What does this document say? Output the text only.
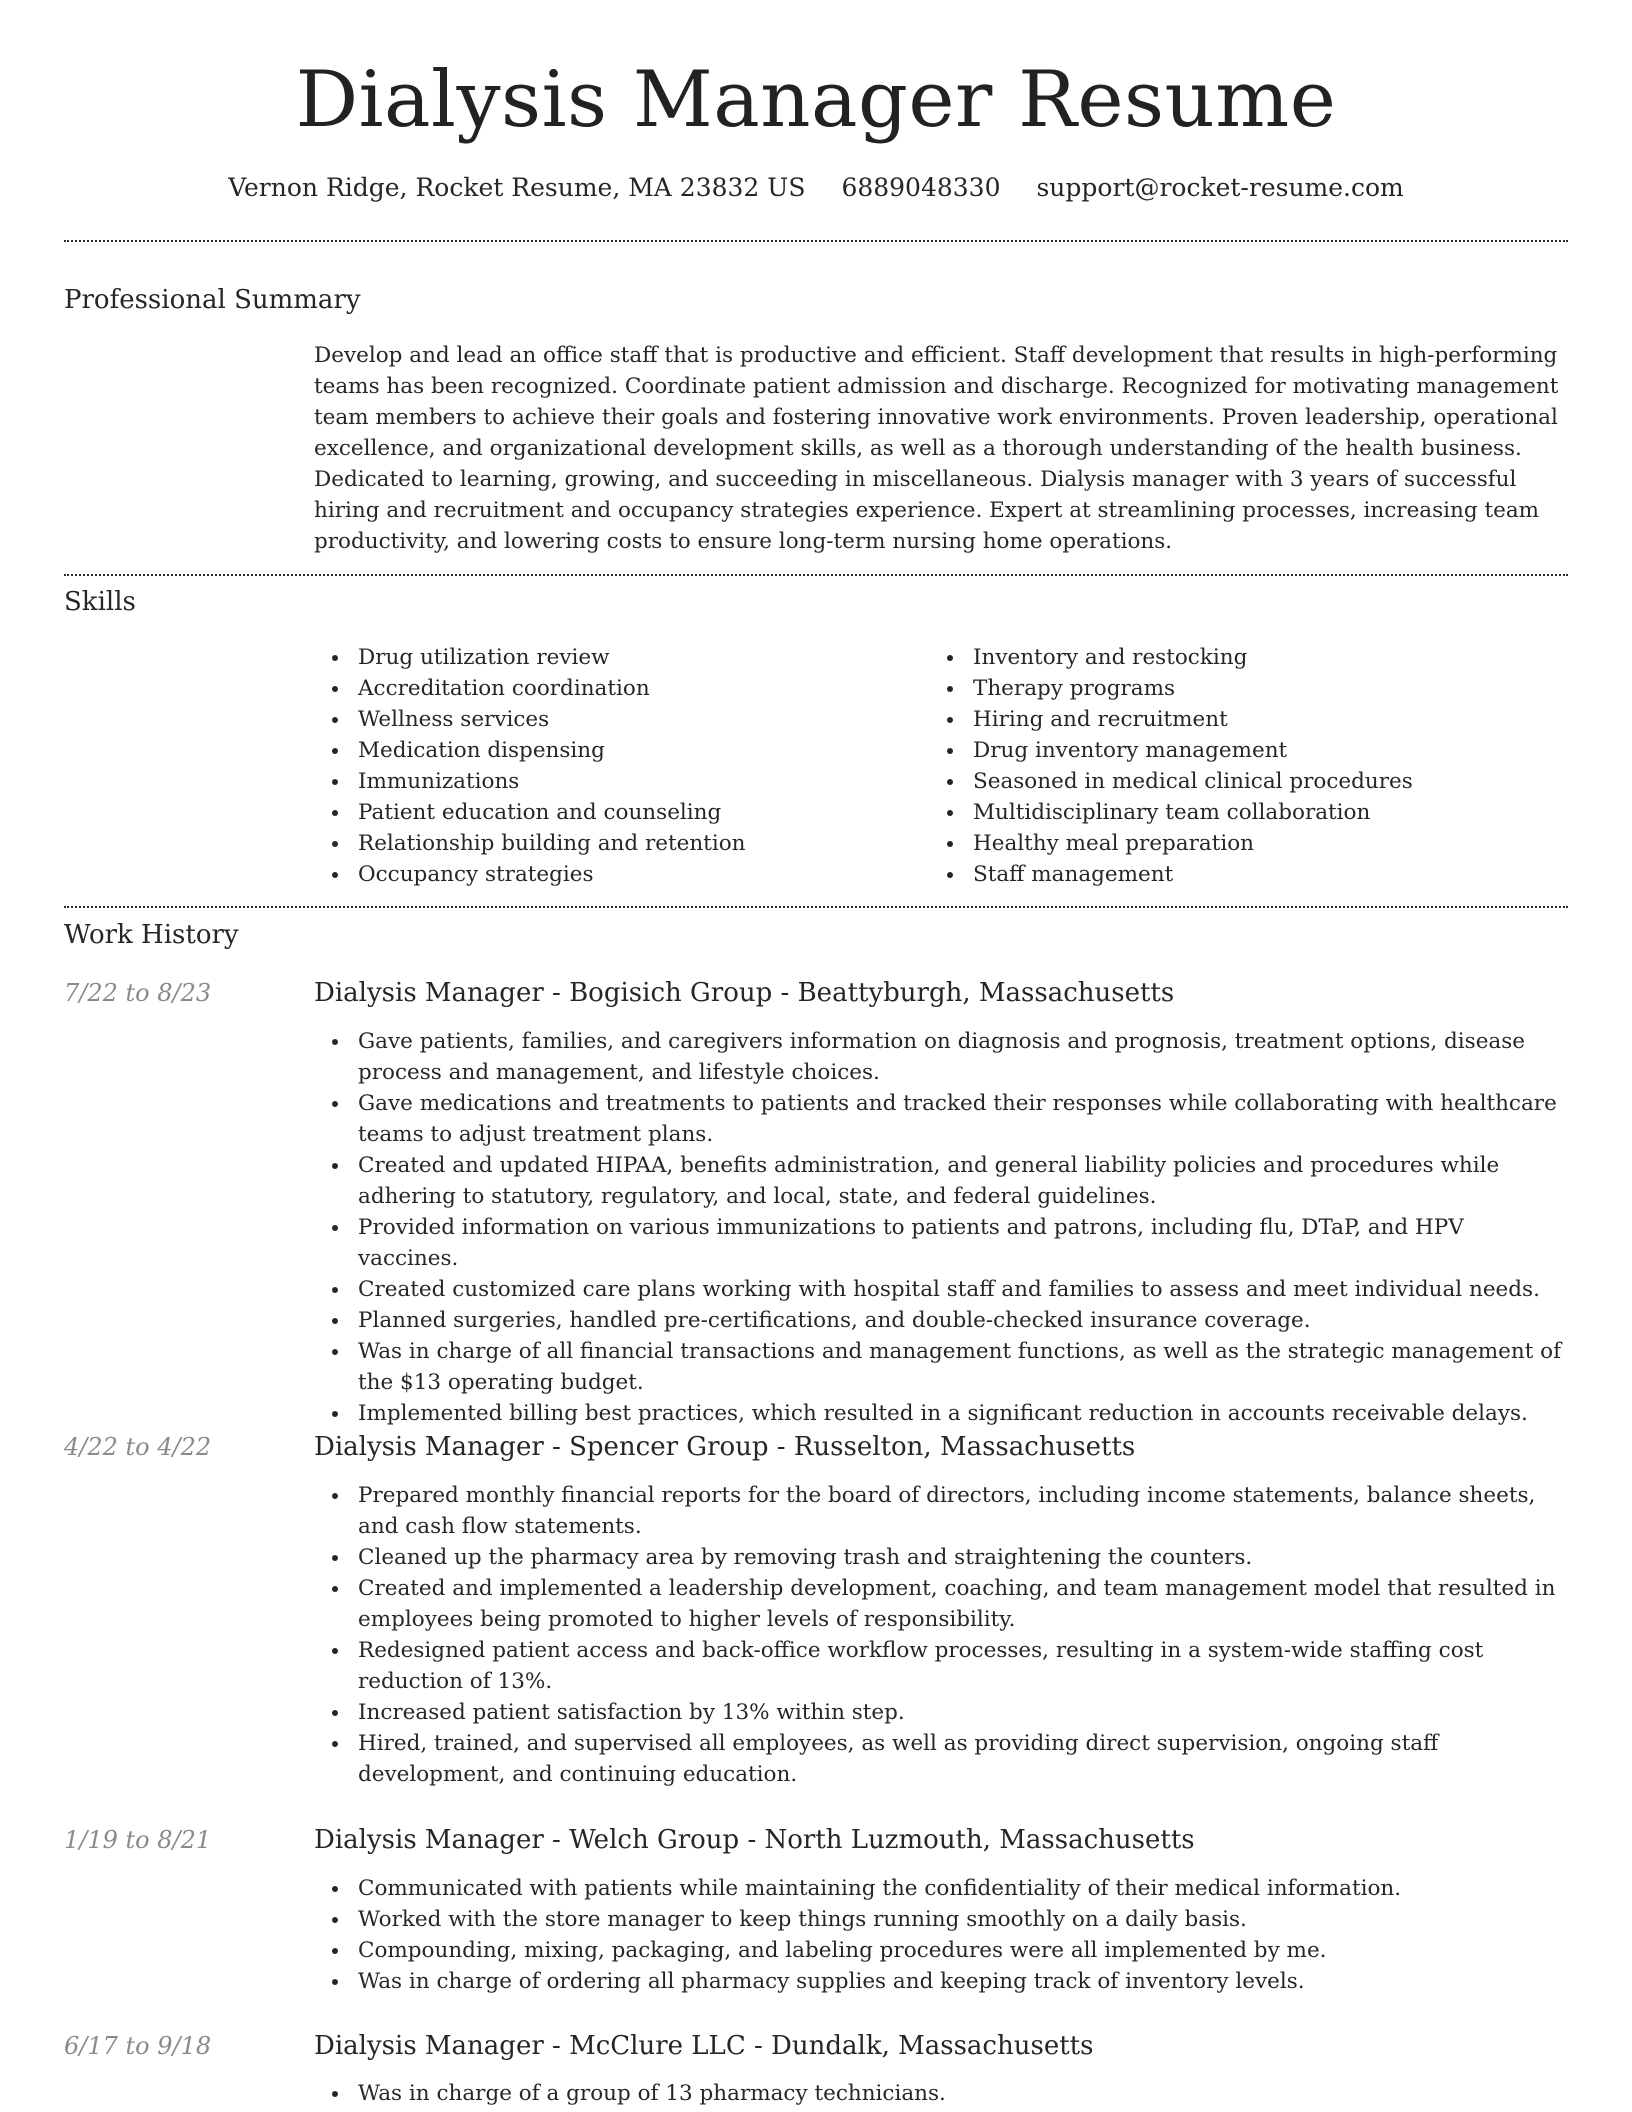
Dialysis Manager Resume
Vernon Ridge, Rocket Resume, MA 23832 US 6889048330 support@rocket-resume.com
Professional Summary

Develop and lead an office staff that is productive and efficient. Staff development that results in high-performing teams has been recognized. Coordinate patient admission and discharge. Recognized for motivating management team members to achieve their goals and fostering innovative work environments. Proven leadership, operational excellence, and organizational development skills, as well as a thorough understanding of the health business. Dedicated to learning, growing, and succeeding in miscellaneous. Dialysis manager with 3 years of successful hiring and recruitment and occupancy strategies experience. Expert at streamlining processes, increasing team productivity, and lowering costs to ensure long-term nursing home operations.

Skills
Drug utilization review
Accreditation coordination
Wellness services
Medication dispensing
Immunizations
Patient education and counseling
Relationship building and retention
Occupancy strategies
Inventory and restocking
Therapy programs
Hiring and recruitment
Drug inventory management
Seasoned in medical clinical procedures
Multidisciplinary team collaboration
Healthy meal preparation
Staff management
Work History
7/22 to 8/23	Dialysis Manager - Bogisich Group - Beattyburgh, Massachusetts
Gave patients, families, and caregivers information on diagnosis and prognosis, treatment options, disease process and management, and lifestyle choices.
Gave medications and treatments to patients and tracked their responses while collaborating with healthcare teams to adjust treatment plans.
Created and updated HIPAA, benefits administration, and general liability policies and procedures while adhering to statutory, regulatory, and local, state, and federal guidelines.
Provided information on various immunizations to patients and patrons, including flu, DTaP, and HPV vaccines.
Created customized care plans working with hospital staff and families to assess and meet individual needs.
Planned surgeries, handled pre-certifications, and double-checked insurance coverage.
Was in charge of all financial transactions and management functions, as well as the strategic management of the $13 operating budget.
Implemented billing best practices, which resulted in a significant reduction in accounts receivable delays.
4/22 to 4/22	Dialysis Manager - Spencer Group - Russelton, Massachusetts
Prepared monthly financial reports for the board of directors, including income statements, balance sheets, and cash flow statements.
Cleaned up the pharmacy area by removing trash and straightening the counters.
Created and implemented a leadership development, coaching, and team management model that resulted in employees being promoted to higher levels of responsibility.
Redesigned patient access and back-office workflow processes, resulting in a system-wide staffing cost reduction of 13%.
Increased patient satisfaction by 13% within step.
Hired, trained, and supervised all employees, as well as providing direct supervision, ongoing staff development, and continuing education.
1/19 to 8/21	Dialysis Manager - Welch Group - North Luzmouth, Massachusetts
Communicated with patients while maintaining the confidentiality of their medical information.
Worked with the store manager to keep things running smoothly on a daily basis.
Compounding, mixing, packaging, and labeling procedures were all implemented by me.
Was in charge of ordering all pharmacy supplies and keeping track of inventory levels.
6/17 to 9/18	Dialysis Manager - McClure LLC - Dundalk, Massachusetts
Was in charge of a group of 13 pharmacy technicians.
